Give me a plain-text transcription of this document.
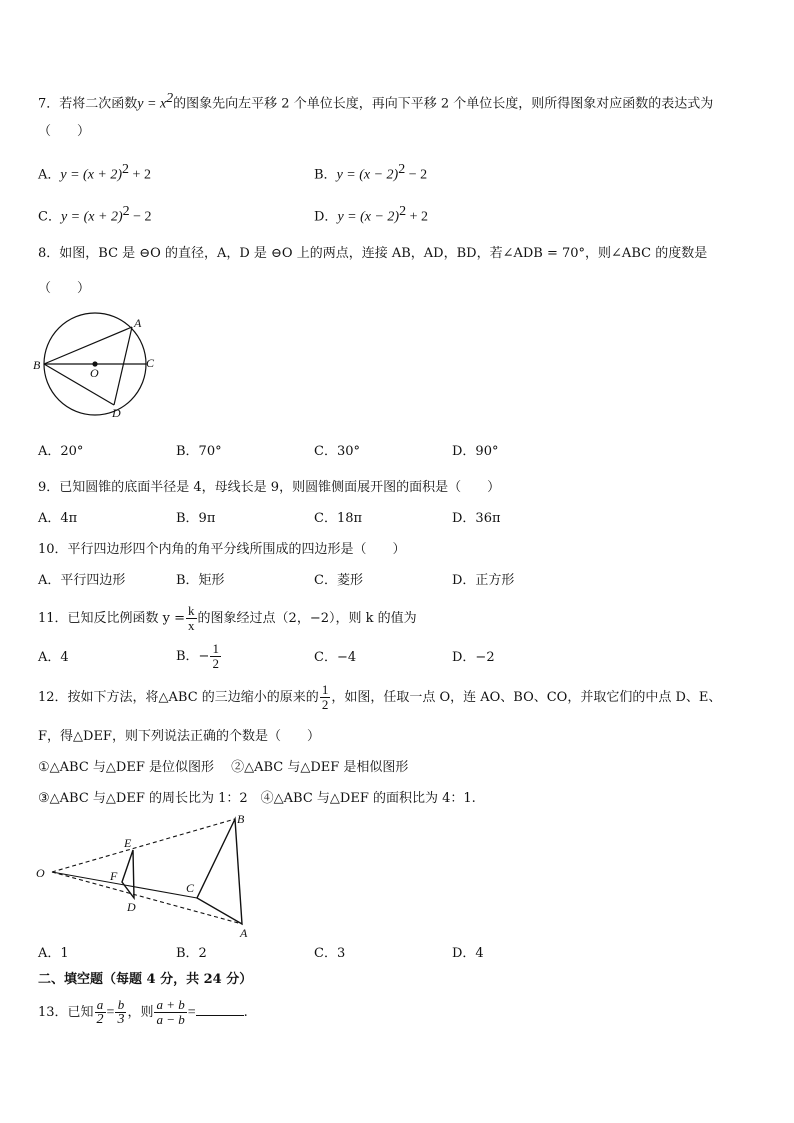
7．若将二次函数$y = x^2$的图象先向左平移 2 个单位长度，再向下平移 2 个单位长度，则所得图象对应函数的表达式为
（　　）
A．$y = (x + 2)^2 + 2$	B．$y = (x - 2)^2 - 2$
C．$y = (x + 2)^2 - 2$	D．$y = (x - 2)^2 + 2$
8．如图，BC 是 ⊖O 的直径，A，D 是 ⊖O 上的两点，连接 AB，AD，BD，若∠ADB = 70°，则∠ABC 的度数是
（　　）
A
B	C
O
D
A．20°	B．70°	C．30°	D．90°
9．已知圆锥的底面半径是 4，母线长是 9，则圆锥侧面展开图的面积是（　　）
A．4π	B．9π	C．18π	D．36π
10．平行四边形四个内角的角平分线所围成的四边形是（　　）
A．平行四边形	B．矩形	C．菱形	D．正方形
11．已知反比例函数 $y = \frac{k}{x}$ 的图象经过点（2，−2），则 k 的值为
A．4	B．− $\frac{1}{2}$	C．−4	D．−2
12．按如下方法，将△ABC 的三边缩小的原来的 $\frac{1}{2}$ ，如图，任取一点 O，连 AO、BO、CO，并取它们的中点 D、E、
F，得△DEF，则下列说法正确的个数是（　　）
①△ABC 与△DEF 是位似图形　 ②△ABC 与△DEF 是相似图形
③△ABC 与△DEF 的周长比为 1：2　④△ABC 与△DEF 的面积比为 4：1.
O
E
F
D
B
C
A
A．1	B．2	C．3	D．4
二、填空题（每题 4 分，共 24 分）
13．已知 $\frac{a}{2} = \frac{b}{3}$ ，则 $\frac{a + b}{a - b}$ =	.
